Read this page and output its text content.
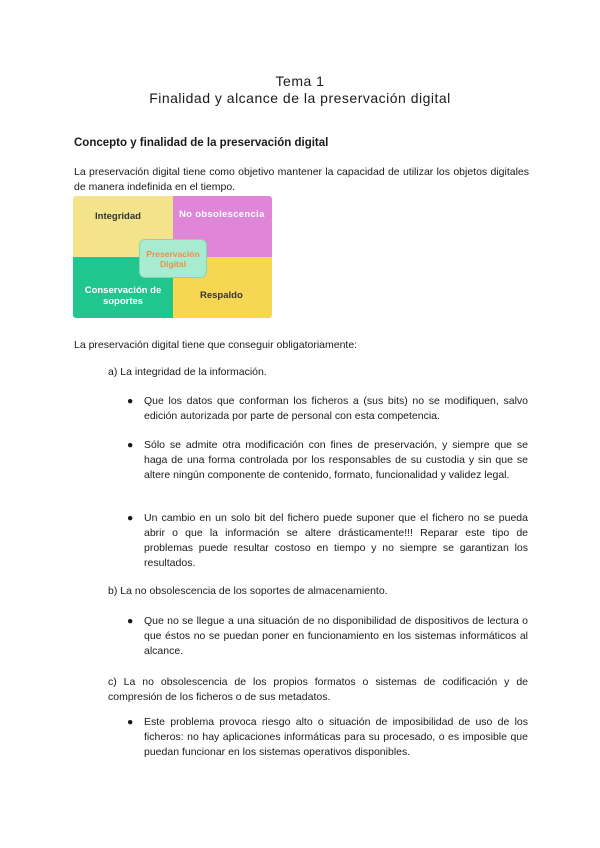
Tema 1
Finalidad y alcance de la preservación digital
Concepto y finalidad de la preservación digital
La preservación digital tiene como objetivo mantener la capacidad de utilizar los objetos digitales de manera indefinida en el tiempo.
Integridad	No obsolescencia
Conservación de soportes
Respaldo
Preservación
Digital
La preservación digital tiene que conseguir obligatoriamente:
a) La integridad de la información.
● Que los datos que conforman los ficheros a (sus bits) no se modifiquen, salvo edición autorizada por parte de personal con esta competencia.
● Sólo se admite otra modificación con fines de preservación, y siempre que se haga de una forma controlada por los responsables de su custodia y sin que se altere ningún componente de contenido, formato, funcionalidad y validez legal.
● Un cambio en un solo bit del fichero puede suponer que el fichero no se pueda abrir o que la información se altere drásticamente!!! Reparar este tipo de problemas puede resultar costoso en tiempo y no siempre se garantizan los resultados.
b) La no obsolescencia de los soportes de almacenamiento.
● Que no se llegue a una situación de no disponibilidad de dispositivos de lectura o que éstos no se puedan poner en funcionamiento en los sistemas informáticos al alcance.
c) La no obsolescencia de los propios formatos o sistemas de codificación y de compresión de los ficheros o de sus metadatos.
● Este problema provoca riesgo alto o situación de imposibilidad de uso de los ficheros: no hay aplicaciones informáticas para su procesado, o es imposible que puedan funcionar en los sistemas operativos disponibles.
